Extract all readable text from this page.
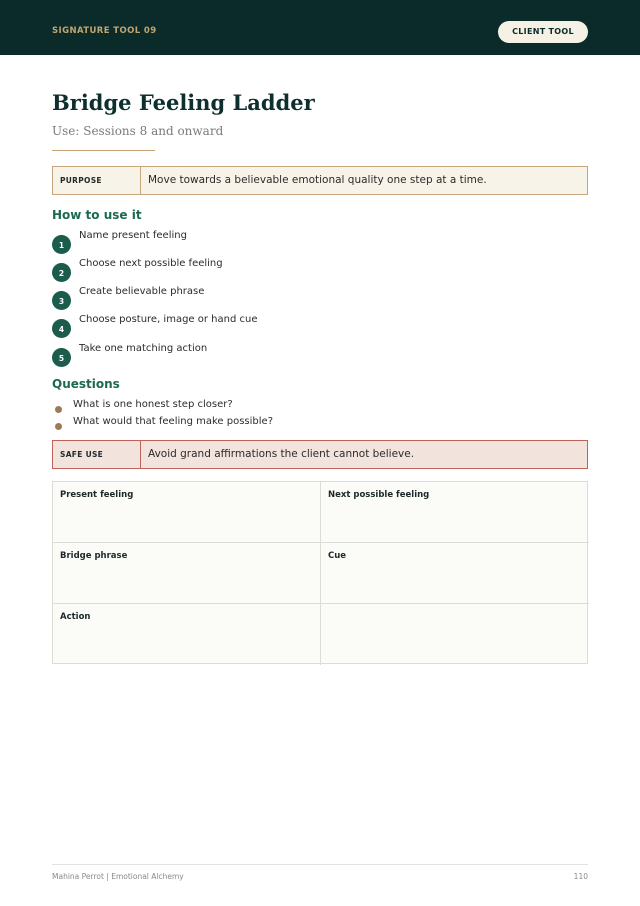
SIGNATURE TOOL 09	CLIENT TOOL
Bridge Feeling Ladder
Use: Sessions 8 and onward
PURPOSE	Move towards a believable emotional quality one step at a time.
How to use it
1
Name present feeling
2
Choose next possible feeling
3
Create believable phrase
4
Choose posture, image or hand cue
5
Take one matching action
Questions
What is one honest step closer?
What would that feeling make possible?
SAFE USE	Avoid grand affirmations the client cannot believe.
Present feeling	Next possible feeling
Bridge phrase	Cue
Action
Mahina Perrot | Emotional Alchemy	110
